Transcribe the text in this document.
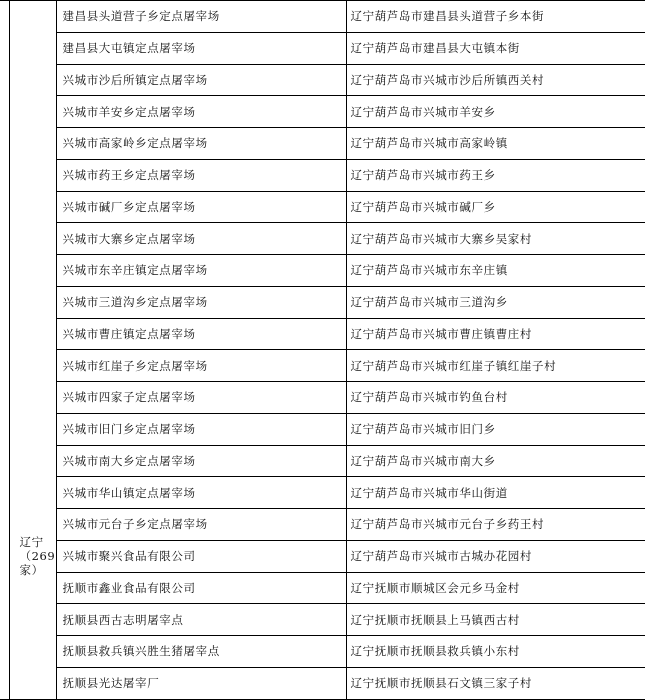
	辽宁
（269
家）	建昌县头道营子乡定点屠宰场	辽宁葫芦岛市建昌县头道营子乡本街
		建昌县大屯镇定点屠宰场	辽宁葫芦岛市建昌县大屯镇本街
		兴城市沙后所镇定点屠宰场	辽宁葫芦岛市兴城市沙后所镇西关村
		兴城市羊安乡定点屠宰场	辽宁葫芦岛市兴城市羊安乡
		兴城市高家岭乡定点屠宰场	辽宁葫芦岛市兴城市高家岭镇
		兴城市药王乡定点屠宰场	辽宁葫芦岛市兴城市药王乡
		兴城市碱厂乡定点屠宰场	辽宁葫芦岛市兴城市碱厂乡
		兴城市大寨乡定点屠宰场	辽宁葫芦岛市兴城市大寨乡吴家村
		兴城市东辛庄镇定点屠宰场	辽宁葫芦岛市兴城市东辛庄镇
		兴城市三道沟乡定点屠宰场	辽宁葫芦岛市兴城市三道沟乡
		兴城市曹庄镇定点屠宰场	辽宁葫芦岛市兴城市曹庄镇曹庄村
		兴城市红崖子乡定点屠宰场	辽宁葫芦岛市兴城市红崖子镇红崖子村
		兴城市四家子定点屠宰场	辽宁葫芦岛市兴城市钓鱼台村
		兴城市旧门乡定点屠宰场	辽宁葫芦岛市兴城市旧门乡
		兴城市南大乡定点屠宰场	辽宁葫芦岛市兴城市南大乡
		兴城市华山镇定点屠宰场	辽宁葫芦岛市兴城市华山街道
		兴城市元台子乡定点屠宰场	辽宁葫芦岛市兴城市元台子乡药王村
		兴城市聚兴食品有限公司	辽宁葫芦岛市兴城市古城办花园村
		抚顺市鑫业食品有限公司	辽宁抚顺市顺城区会元乡马金村
		抚顺县西古志明屠宰点	辽宁抚顺市抚顺县上马镇西古村
		抚顺县救兵镇兴胜生猪屠宰点	辽宁抚顺市抚顺县救兵镇小东村
		抚顺县光达屠宰厂	辽宁抚顺市抚顺县石文镇三家子村
